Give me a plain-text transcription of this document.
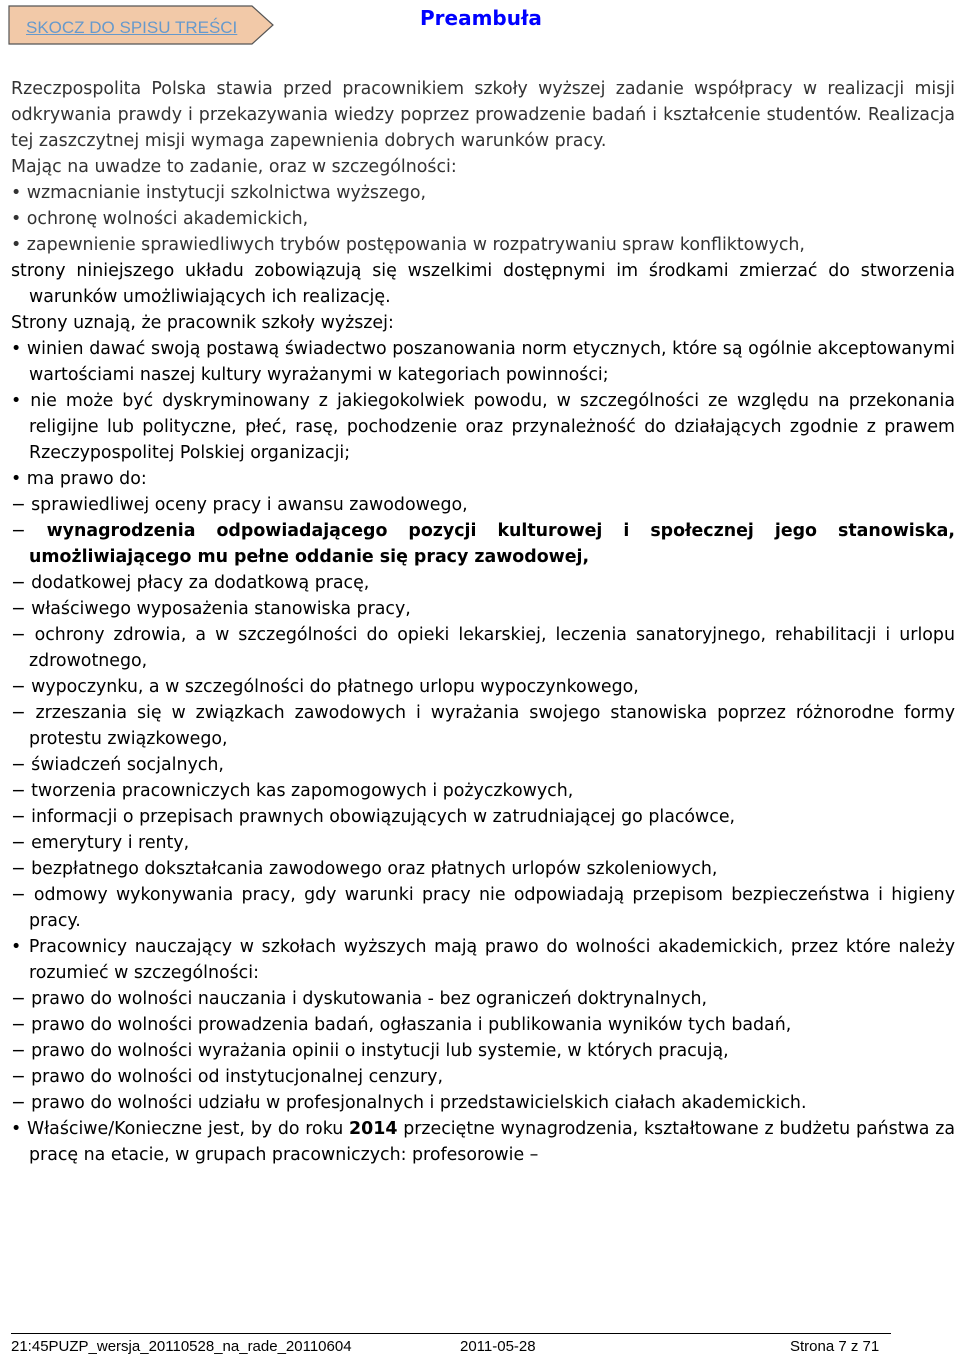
SKOCZ DO SPISU TREŚCI	Preambuła

Rzeczpospolita Polska stawia przed pracownikiem szkoły wyższej zadanie współpracy w realizacji misji odkrywania prawdy i przekazywania wiedzy poprzez prowadzenie badań i kształcenie studentów. Realizacja tej zaszczytnej misji wymaga zapewnienia dobrych warunków pracy.

Mając na uwadze to zadanie, oraz w szczególności:

• wzmacnianie instytucji szkolnictwa wyższego,

• ochronę wolności akademickich,

• zapewnienie sprawiedliwych trybów postępowania w rozpatrywaniu spraw konfliktowych,

strony niniejszego układu zobowiązują się wszelkimi dostępnymi im środkami zmierzać do stworzenia warunków umożliwiających ich realizację.

Strony uznają, że pracownik szkoły wyższej:

• winien dawać swoją postawą świadectwo poszanowania norm etycznych, które są ogólnie akceptowanymi wartościami naszej kultury wyrażanymi w kategoriach powinności;

• nie może być dyskryminowany z jakiegokolwiek powodu, w szczególności ze względu na przekonania religijne lub polityczne, płeć, rasę, pochodzenie oraz przynależność do działających zgodnie z prawem Rzeczypospolitej Polskiej organizacji;

• ma prawo do:

− sprawiedliwej oceny pracy i awansu zawodowego,

− wynagrodzenia odpowiadającego pozycji kulturowej i społecznej jego stanowiska, umożliwiającego mu pełne oddanie się pracy zawodowej,

− dodatkowej płacy za dodatkową pracę,

− właściwego wyposażenia stanowiska pracy,

− ochrony zdrowia, a w szczególności do opieki lekarskiej, leczenia sanatoryjnego, rehabilitacji i urlopu zdrowotnego,

− wypoczynku, a w szczególności do płatnego urlopu wypoczynkowego,

− zrzeszania się w związkach zawodowych i wyrażania swojego stanowiska poprzez różnorodne formy protestu związkowego,

− świadczeń socjalnych,

− tworzenia pracowniczych kas zapomogowych i pożyczkowych,

− informacji o przepisach prawnych obowiązujących w zatrudniającej go placówce,

− emerytury i renty,

− bezpłatnego dokształcania zawodowego oraz płatnych urlopów szkoleniowych,

− odmowy wykonywania pracy, gdy warunki pracy nie odpowiadają przepisom bezpieczeństwa i higieny pracy.

• Pracownicy nauczający w szkołach wyższych mają prawo do wolności akademickich, przez które należy rozumieć w szczególności:

− prawo do wolności nauczania i dyskutowania - bez ograniczeń doktrynalnych,

− prawo do wolności prowadzenia badań, ogłaszania i publikowania wyników tych badań,

− prawo do wolności wyrażania opinii o instytucji lub systemie, w których pracują,

− prawo do wolności od instytucjonalnej cenzury,

− prawo do wolności udziału w profesjonalnych i przedstawicielskich ciałach akademickich.

• Właściwe/Konieczne jest, by do roku 2014 przeciętne wynagrodzenia, kształtowane z budżetu państwa za pracę na etacie, w grupach pracowniczych: profesorowie –

21:45PUZP_wersja_20110528_na_rade_20110604	2011-05-28	Strona 7 z 71
